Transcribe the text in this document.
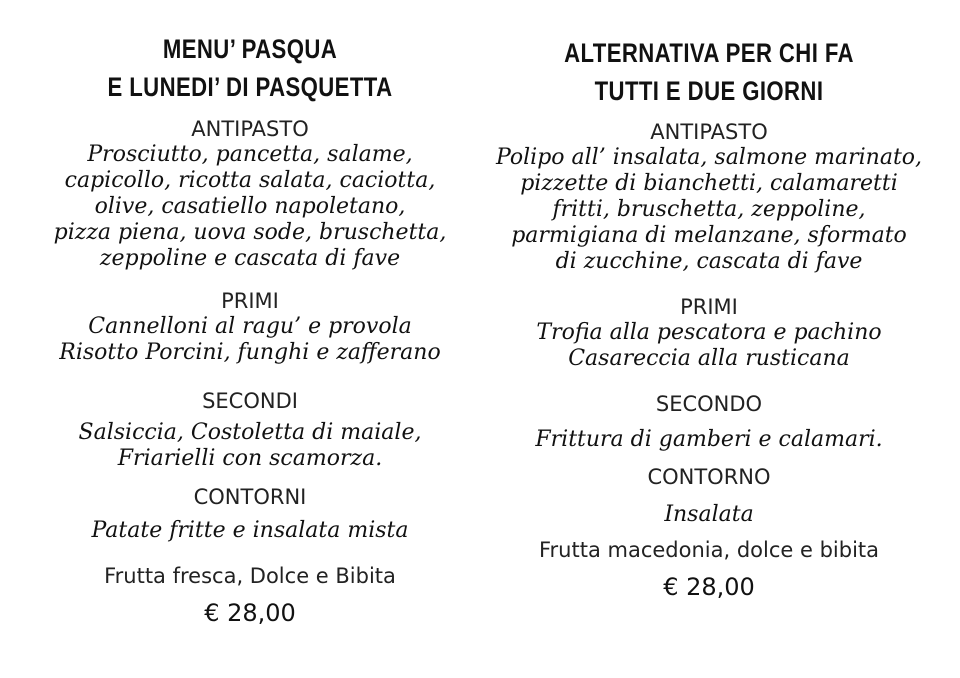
MENU’ PASQUA
E LUNEDI’ DI PASQUETTA
ANTIPASTO
Prosciutto, pancetta, salame,
capicollo, ricotta salata, caciotta,
olive, casatiello napoletano,
pizza piena, uova sode, bruschetta,
zeppoline e cascata di fave
PRIMI
Cannelloni al ragu’ e provola
Risotto Porcini, funghi e zafferano
SECONDI
Salsiccia, Costoletta di maiale,
Friarielli con scamorza.
CONTORNI
Patate fritte e insalata mista
Frutta fresca, Dolce e Bibita
€ 28,00
ALTERNATIVA PER CHI FA
TUTTI E DUE GIORNI
ANTIPASTO
Polipo all’ insalata, salmone marinato,
pizzette di bianchetti, calamaretti
fritti, bruschetta, zeppoline,
parmigiana di melanzane, sformato
di zucchine, cascata di fave
PRIMI
Trofia alla pescatora e pachino
Casareccia alla rusticana
SECONDO
Frittura di gamberi e calamari.
CONTORNO
Insalata
Frutta macedonia, dolce e bibita
€ 28,00
